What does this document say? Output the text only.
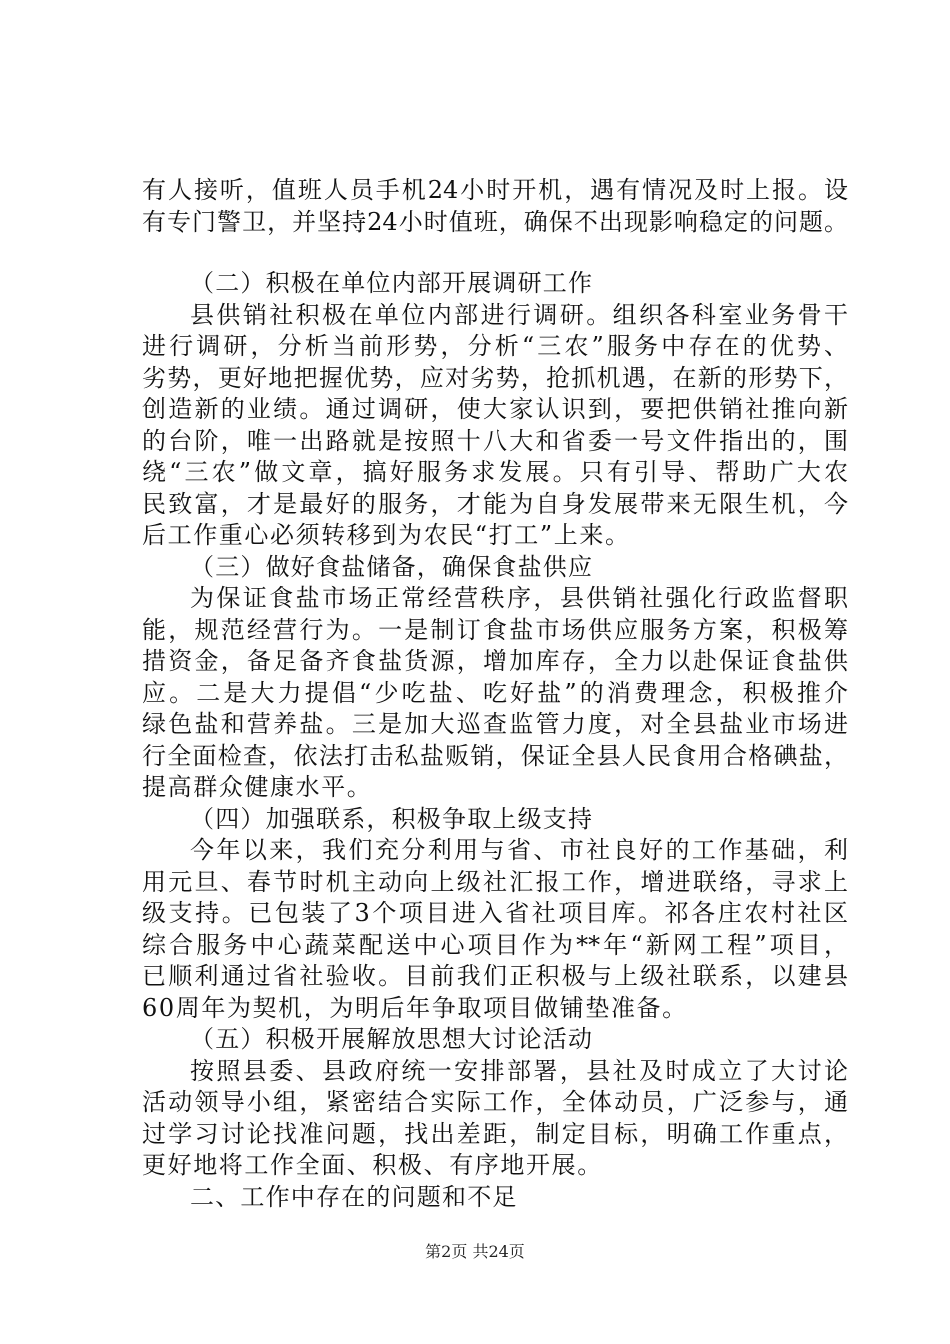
有人接听，值班人员手机24小时开机，遇有情况及时上报。设
有专门警卫，并坚持24小时值班，确保不出现影响稳定的问题。
（二）积极在单位内部开展调研工作
县供销社积极在单位内部进行调研。组织各科室业务骨干
进行调研，分析当前形势，分析“三农”服务中存在的优势、
劣势，更好地把握优势，应对劣势，抢抓机遇，在新的形势下，
创造新的业绩。通过调研，使大家认识到，要把供销社推向新
的台阶，唯一出路就是按照十八大和省委一号文件指出的，围
绕“三农”做文章，搞好服务求发展。只有引导、帮助广大农
民致富，才是最好的服务，才能为自身发展带来无限生机，今
后工作重心必须转移到为农民“打工”上来。
（三）做好食盐储备，确保食盐供应
为保证食盐市场正常经营秩序，县供销社强化行政监督职
能，规范经营行为。一是制订食盐市场供应服务方案，积极筹
措资金，备足备齐食盐货源，增加库存，全力以赴保证食盐供
应。二是大力提倡“少吃盐、吃好盐”的消费理念，积极推介
绿色盐和营养盐。三是加大巡查监管力度，对全县盐业市场进
行全面检查，依法打击私盐贩销，保证全县人民食用合格碘盐，
提高群众健康水平。
（四）加强联系，积极争取上级支持
今年以来，我们充分利用与省、市社良好的工作基础，利
用元旦、春节时机主动向上级社汇报工作，增进联络，寻求上
级支持。已包装了3个项目进入省社项目库。祁各庄农村社区
综合服务中心蔬菜配送中心项目作为**年“新网工程”项目，
已顺利通过省社验收。目前我们正积极与上级社联系，以建县
60周年为契机，为明后年争取项目做铺垫准备。
（五）积极开展解放思想大讨论活动
按照县委、县政府统一安排部署，县社及时成立了大讨论
活动领导小组，紧密结合实际工作，全体动员，广泛参与，通
过学习讨论找准问题，找出差距，制定目标，明确工作重点，
更好地将工作全面、积极、有序地开展。
二、工作中存在的问题和不足
第2页 共24页
